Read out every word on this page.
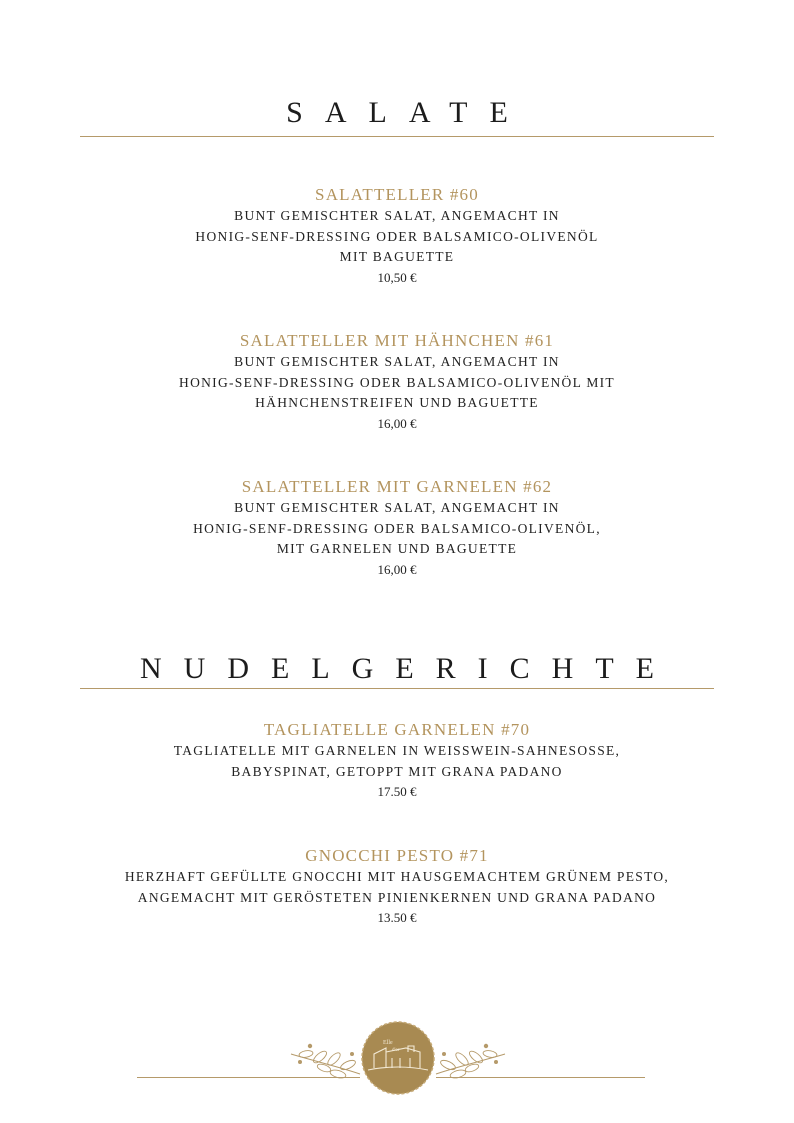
SALATE

SALATTELLER #60

BUNT GEMISCHTER SALAT, ANGEMACHT IN

HONIG-SENF-DRESSING ODER BALSAMICO-OLIVENÖL

MIT BAGUETTE

10,50 €

SALATTELLER MIT HÄHNCHEN #61

BUNT GEMISCHTER SALAT, ANGEMACHT IN

HONIG-SENF-DRESSING ODER BALSAMICO-OLIVENÖL MIT

HÄHNCHENSTREIFEN UND BAGUETTE

16,00 €

SALATTELLER MIT GARNELEN #62

BUNT GEMISCHTER SALAT, ANGEMACHT IN

HONIG-SENF-DRESSING ODER BALSAMICO-OLIVENÖL,

MIT GARNELEN UND BAGUETTE

16,00 €

NUDELGERICHTE

TAGLIATELLE GARNELEN #70

TAGLIATELLE MIT GARNELEN IN WEISSWEIN-SAHNESOSSE,

BABYSPINAT, GETOPPT MIT GRANA PADANO

17.50 €

GNOCCHI PESTO #71

HERZHAFT GEFÜLLTE GNOCCHI MIT HAUSGEMACHTEM GRÜNEM PESTO,

ANGEMACHT MIT GERÖSTETEN PINIENKERNEN UND GRANA PADANO

13.50 €

Elle
d'or
